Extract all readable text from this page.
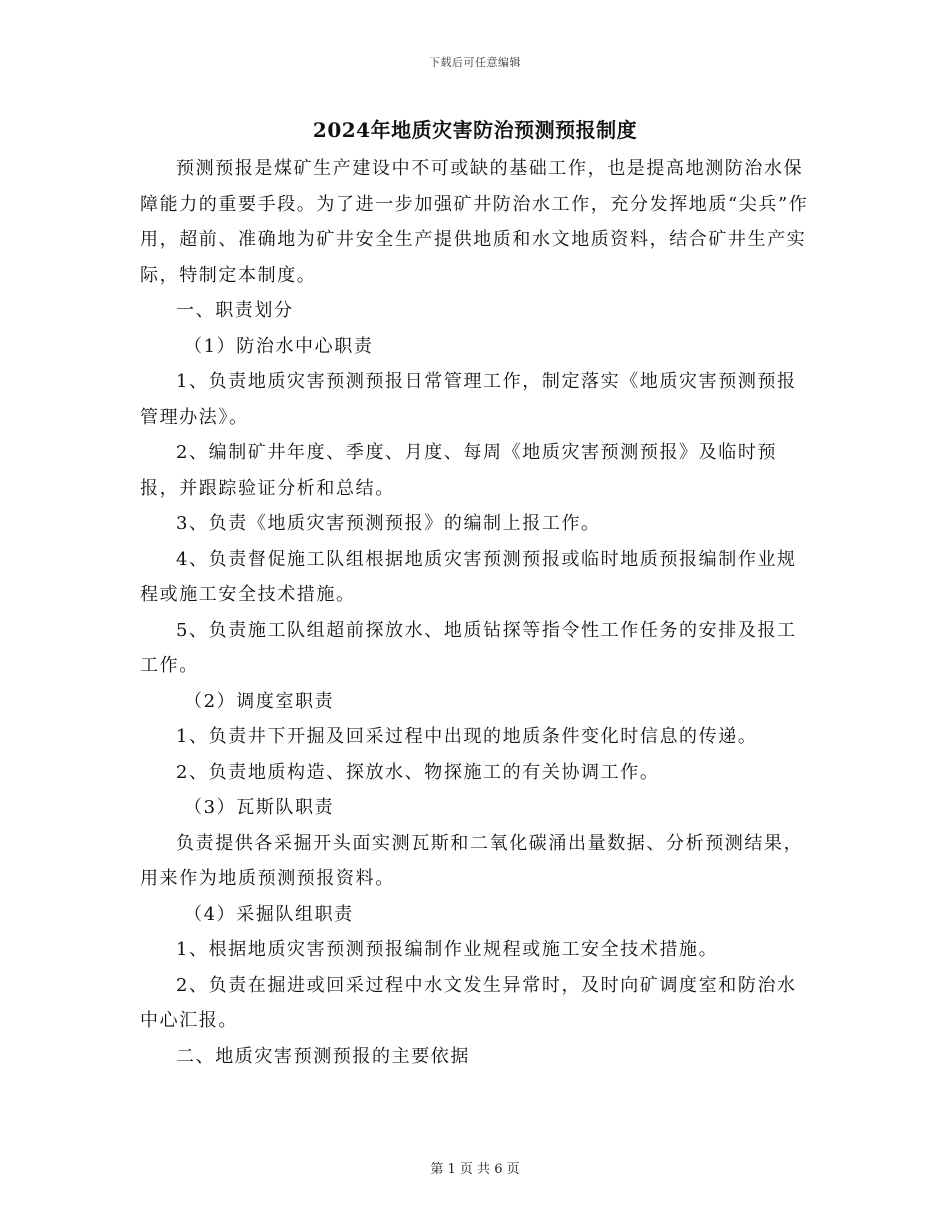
下载后可任意编辑
2024年地质灾害防治预测预报制度

预测预报是煤矿生产建设中不可或缺的基础工作，也是提高地测防治水保障能力的重要手段。为了进一步加强矿井防治水工作，充分发挥地质“尖兵”作用，超前、准确地为矿井安全生产提供地质和水文地质资料，结合矿井生产实际，特制定本制度。

一、职责划分

（1）防治水中心职责

1、负责地质灾害预测预报日常管理工作，制定落实《地质灾害预测预报管理办法》。

2、编制矿井年度、季度、月度、每周《地质灾害预测预报》及临时预报，并跟踪验证分析和总结。

3、负责《地质灾害预测预报》的编制上报工作。

4、负责督促施工队组根据地质灾害预测预报或临时地质预报编制作业规程或施工安全技术措施。

5、负责施工队组超前探放水、地质钻探等指令性工作任务的安排及报工工作。

（2）调度室职责

1、负责井下开掘及回采过程中出现的地质条件变化时信息的传递。

2、负责地质构造、探放水、物探施工的有关协调工作。

（3）瓦斯队职责

负责提供各采掘开头面实测瓦斯和二氧化碳涌出量数据、分析预测结果，用来作为地质预测预报资料。

（4）采掘队组职责

1、根据地质灾害预测预报编制作业规程或施工安全技术措施。

2、负责在掘进或回采过程中水文发生异常时，及时向矿调度室和防治水中心汇报。

二、地质灾害预测预报的主要依据

第 1 页 共 6 页
